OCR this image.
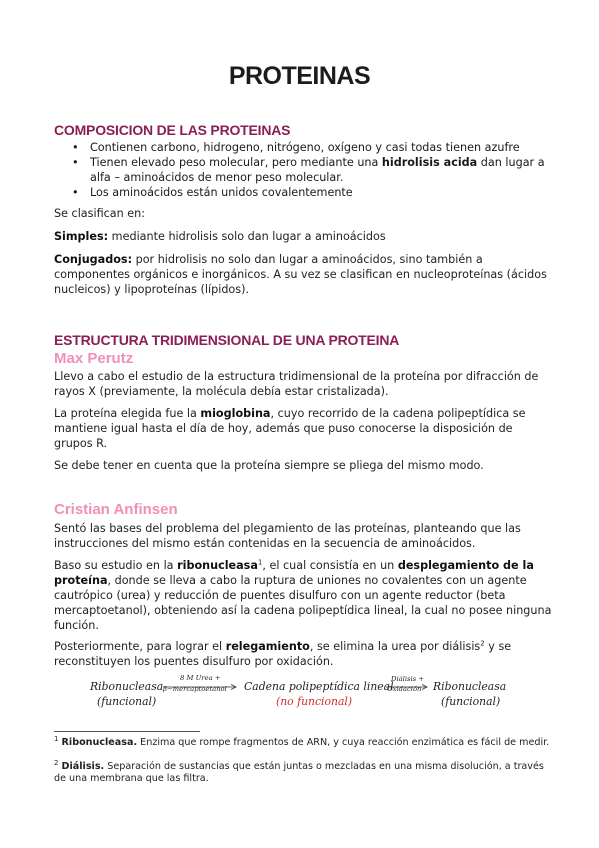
PROTEINAS
COMPOSICION DE LAS PROTEINAS
• Contienen carbono, hidrogeno, nitrógeno, oxígeno y casi todas tienen azufre
• Tienen elevado peso molecular, pero mediante una hidrolisis acida dan lugar a alfa – aminoácidos de menor peso molecular.
• Los aminoácidos están unidos covalentemente

Se clasifican en:

Simples: mediante hidrolisis solo dan lugar a aminoácidos

Conjugados: por hidrolisis no solo dan lugar a aminoácidos, sino también a componentes orgánicos e inorgánicos. A su vez se clasifican en nucleoproteínas (ácidos nucleicos) y lipoproteínas (lípidos).

ESTRUCTURA TRIDIMENSIONAL DE UNA PROTEINA
Max Perutz

Llevo a cabo el estudio de la estructura tridimensional de la proteína por difracción de rayos X (previamente, la molécula debía estar cristalizada).

La proteína elegida fue la mioglobina, cuyo recorrido de la cadena polipeptídica se mantiene igual hasta el día de hoy, además que puso conocerse la disposición de grupos R.

Se debe tener en cuenta que la proteína siempre se pliega del mismo modo.

Cristian Anfinsen

Sentó las bases del problema del plegamiento de las proteínas, planteando que las instrucciones del mismo están contenidas en la secuencia de aminoácidos.

Baso su estudio en la ribonucleasa$^1$, el cual consistía en un desplegamiento de la proteína, donde se lleva a cabo la ruptura de uniones no covalentes con un agente cautrópico (urea) y reducción de puentes disulfuro con un agente reductor (beta mercaptoetanol), obteniendo así la cadena polipeptídica lineal, la cual no posee ninguna función.

Posteriormente, para lograr el relegamiento, se elimina la urea por diálisis$^2$ y se reconstituyen los puentes disulfuro por oxidación.

Ribonucleasa
(funcional)
8 M Urea +
β−mercaptoetanol Cadena polipeptídica lineal
(no funcional)
Diálisis +
Oxidación Ribonucleasa
(funcional)

$^1$ Ribonucleasa. Enzima que rompe fragmentos de ARN, y cuya reacción enzimática es fácil de medir.

$^2$ Diálisis. Separación de sustancias que están juntas o mezcladas en una misma disolución, a través de una membrana que las filtra.
